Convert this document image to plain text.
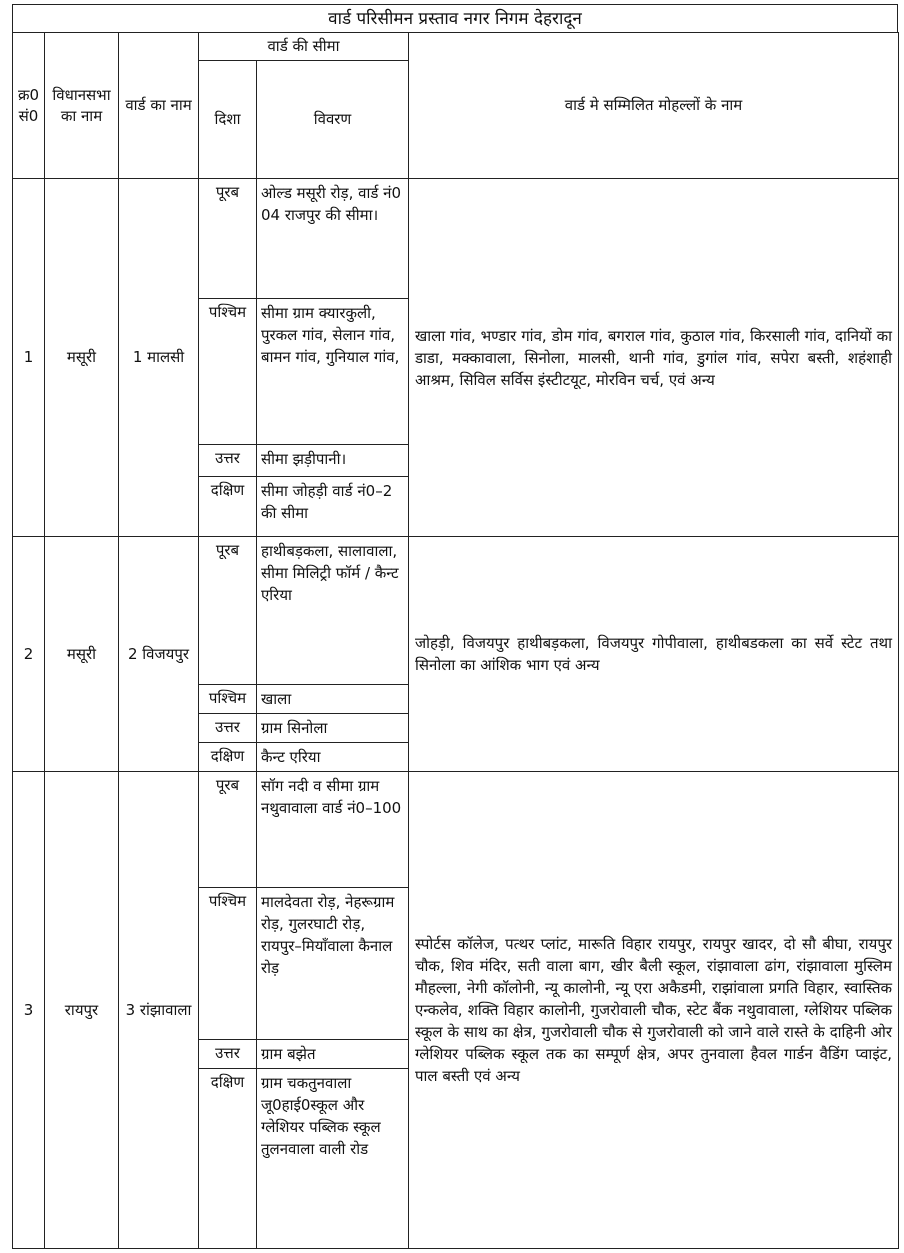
वार्ड परिसीमन प्रस्ताव नगर निगम देहरादून
क्र0 सं0	विधानसभा का नाम	वार्ड का नाम	वार्ड की सीमा		वार्ड मे सम्मिलित मोहल्लों के नाम
			दिशा	विवरण	
1	मसूरी	1 मालसी	पूरब	ओल्ड मसूरी रोड़, वार्ड नं0 04 राजपुर की सीमा।	खाला गांव, भण्डार गांव, डोम गांव, बगराल गांव, कुठाल गांव, किरसाली गांव, दानियों का डाडा, मक्कावाला, सिनोला, मालसी, थानी गांव, डुगांल गांव, सपेरा बस्ती, शहंशाही आश्रम, सिविल सर्विस इंस्टीटयूट, मोरविन चर्च, एवं अन्य
			पश्चिम	सीमा ग्राम क्यारकुली, पुरकल गांव, सेलान गांव, बामन गांव, गुनियाल गांव,	
			उत्तर	सीमा झड़ीपानी।	
			दक्षिण	सीमा जोहड़ी वार्ड नं0–2 की सीमा	
2	मसूरी	2 विजयपुर	पूरब	हाथीबड़कला, सालावाला, सीमा मिलिट्री फॉर्म / कैन्ट एरिया	जोहड़ी, विजयपुर हाथीबड़कला, विजयपुर गोपीवाला, हाथीबडकला का सर्वे स्टेट तथा सिनोला का आंशिक भाग एवं अन्य
			पश्चिम	खाला	
			उत्तर	ग्राम सिनोला	
			दक्षिण	कैन्ट एरिया	
3	रायपुर	3 रांझावाला	पूरब	सॉग नदी व सीमा ग्राम नथुवावाला वार्ड नं0–100	स्पोर्टस कॉलेज, पत्थर प्लांट, मारूति विहार रायपुर, रायपुर खादर, दो सौ बीघा, रायपुर चौक, शिव मंदिर, सती वाला बाग, खीर बैली स्कूल, रांझावाला ढांग, रांझावाला मुस्लिम मौहल्ला, नेगी कॉलोनी, न्यू कालोनी, न्यू एरा अकैडमी, राझांवाला प्रगति विहार, स्वास्तिक एन्कलेव, शक्ति विहार कालोनी, गुजरोवाली चौक, स्टेट बैंक नथुवावाला, ग्लेशियर पब्लिक स्कूल के साथ का क्षेत्र, गुजरोवाली चौक से गुजरोवाली को जाने वाले रास्ते के दाहिनी ओर ग्लेशियर पब्लिक स्कूल तक का सम्पूर्ण क्षेत्र, अपर तुनवाला हैवल गार्डन वैडिंग प्वाइंट, पाल बस्ती एवं अन्य
			पश्चिम	मालदेवता रोड़, नेहरूग्राम रोड़, गुलरघाटी रोड़, रायपुर–मियाँवाला कैनाल रोड़	
			उत्तर	ग्राम बझेत	
			दक्षिण	ग्राम चकतुनवाला जू0हाई0स्कूल और ग्लेशियर पब्लिक स्कूल तुलनवाला वाली रोड	
